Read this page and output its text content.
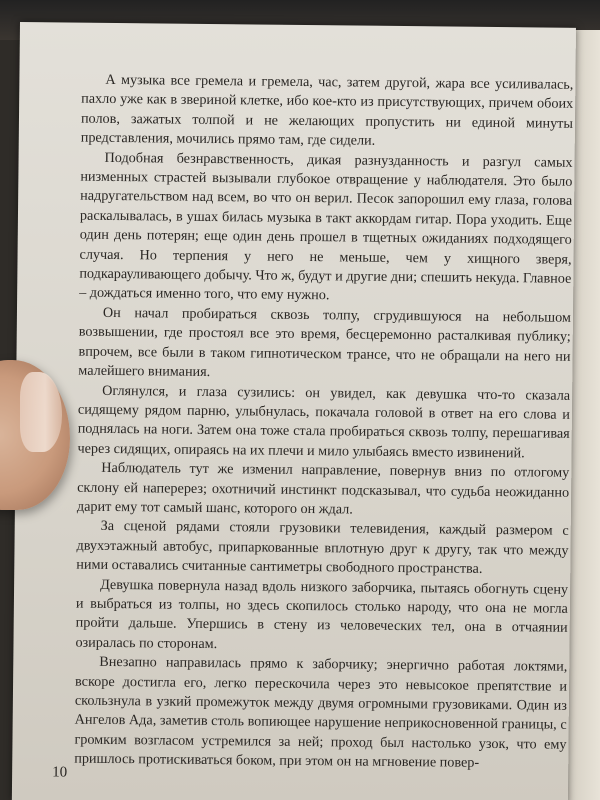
А музыка все гремела и гремела, час, затем другой, жара все усиливалась, пахло уже как в звериной клетке, ибо кое-кто из присутствующих, причем обоих полов, зажатых толпой и не желающих пропустить ни единой минуты представления, мочились прямо там, где сидели.

Подобная безнравственность, дикая разнузданность и разгул самых низменных страстей вызывали глубокое отвращение у наблюдателя. Это было надругательством над всем, во что он верил. Песок запорошил ему глаза, голова раскалывалась, в ушах билась музыка в такт аккордам гитар. Пора уходить. Еще один день потерян; еще один день прошел в тщетных ожиданиях подходящего случая. Но терпения у него не меньше, чем у хищного зверя, подкарауливающего добычу. Что ж, будут и другие дни; спешить некуда. Главное – дождаться именно того, что ему нужно.

Он начал пробираться сквозь толпу, сгрудившуюся на небольшом возвышении, где простоял все это время, бесцеремонно расталкивая публику; впрочем, все были в таком гипнотическом трансе, что не обращали на него ни малейшего внимания.

Оглянулся, и глаза сузились: он увидел, как девушка что-то сказала сидящему рядом парню, улыбнулась, покачала головой в ответ на его слова и поднялась на ноги. Затем она тоже стала пробираться сквозь толпу, перешагивая через сидящих, опираясь на их плечи и мило улыбаясь вместо извинений.

Наблюдатель тут же изменил направление, повернув вниз по отлогому склону ей наперерез; охотничий инстинкт подсказывал, что судьба неожиданно дарит ему тот самый шанс, которого он ждал.

За сценой рядами стояли грузовики телевидения, каждый размером с двухэтажный автобус, припаркованные вплотную друг к другу, так что между ними оставались считанные сантиметры свободного пространства.

Девушка повернула назад вдоль низкого заборчика, пытаясь обогнуть сцену и выбраться из толпы, но здесь скопилось столько народу, что она не могла пройти дальше. Упершись в стену из человеческих тел, она в отчаянии озиралась по сторонам.

Внезапно направилась прямо к заборчику; энергично работая локтями, вскоре достигла его, легко перескочила через это невысокое препятствие и скользнула в узкий промежуток между двумя огромными грузовиками. Один из Ангелов Ада, заметив столь вопиющее нарушение неприкосновенной границы, с громким возгласом устремился за ней; проход был настолько узок, что ему пришлось протискиваться боком, при этом он на мгновение повер-

10
